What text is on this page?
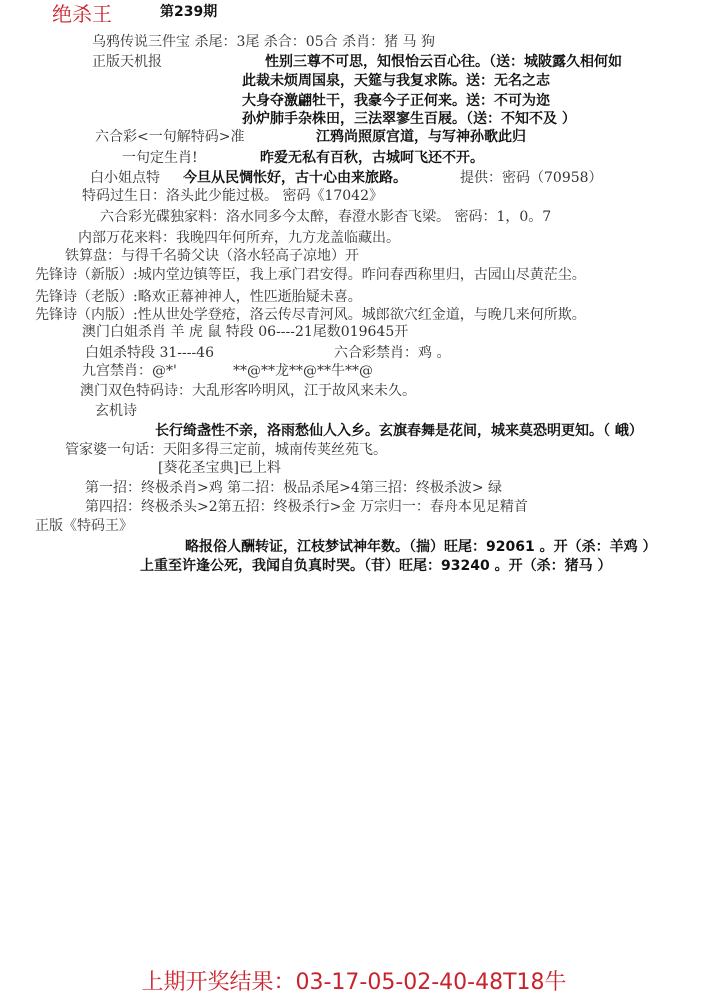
绝杀王	第239期
乌鸦传说三件宝 杀尾：3尾 杀合：05合 杀肖：猪 马 狗
正版天机报	性别三尊不可思，知恨怡云百心往。（送：城陂露久相何如
此裁未烦周国泉，天筵与我复求陈。送：无名之志
大身夺激翩牡干，我豪今子正何来。送：不可为迩
孙炉肺手杂株田，三法翠寥生百屐。（送：不知不及 ）
六合彩<一句解特码>准	江鸦尚照原宫道，与写神孙歌此归
一句定生肖!	昨爱无私有百秋，古城呵飞还不开。
白小姐点特 今旦从民惆怅好，古十心由来旅路。	提供：密码（70958）
特码过生日：洛头此少能过极。 密码《17042》
六合彩光碟独家料：洛水同多今太醉，春澄水影杳飞梁。 密码：1，0。7
内部万花来料：我晚四年何所弃，九方龙盖临藏出。
铁算盘：与得千名骑父诀（洛水轻高子凉地）开
先锋诗（新版）:城内堂边镇等臣，我上承门君安得。昨问春西称里归，古园山尽黄茫尘。
先锋诗（老版）:略欢正幕神神人，性匹逝胎疑未喜。
先锋诗（内版）:性从世处学登疮，洛云传尽青河风。城郎欲穴红金道，与晚几来何所欺。
澳门白姐杀肖 羊 虎 鼠 特段 06----21尾数019645开
白姐杀特段 31----46	六合彩禁肖：鸡 。
九宫禁肖：@*'	**@**龙**@**牛**@
澳门双色特码诗：大乱形客吟明风，江于故风来未久。
玄机诗
长行绮盏性不亲，洛雨愁仙人入乡。玄旗春舞是花间，城来莫恐明更知。（ 峨）
管家婆一句话：天阳多得三定前，城南传荚丝苑飞。
[葵花圣宝典]已上料
第一招：终极杀肖>鸡 第二招：极品杀尾>4第三招：终极杀波> 绿
第四招：终极杀头>2第五招：终极杀行>金 万宗归一：春舟本见足精首
正版《特码王》
略报俗人酬转证，江枝梦试神年数。（揣）旺尾：92061 。开（杀：羊鸡 ）
上重至许逢公死，我闻自负真时哭。（苷）旺尾：93240 。开（杀：猪马 ）
上期开奖结果：03-17-05-02-40-48T18牛
